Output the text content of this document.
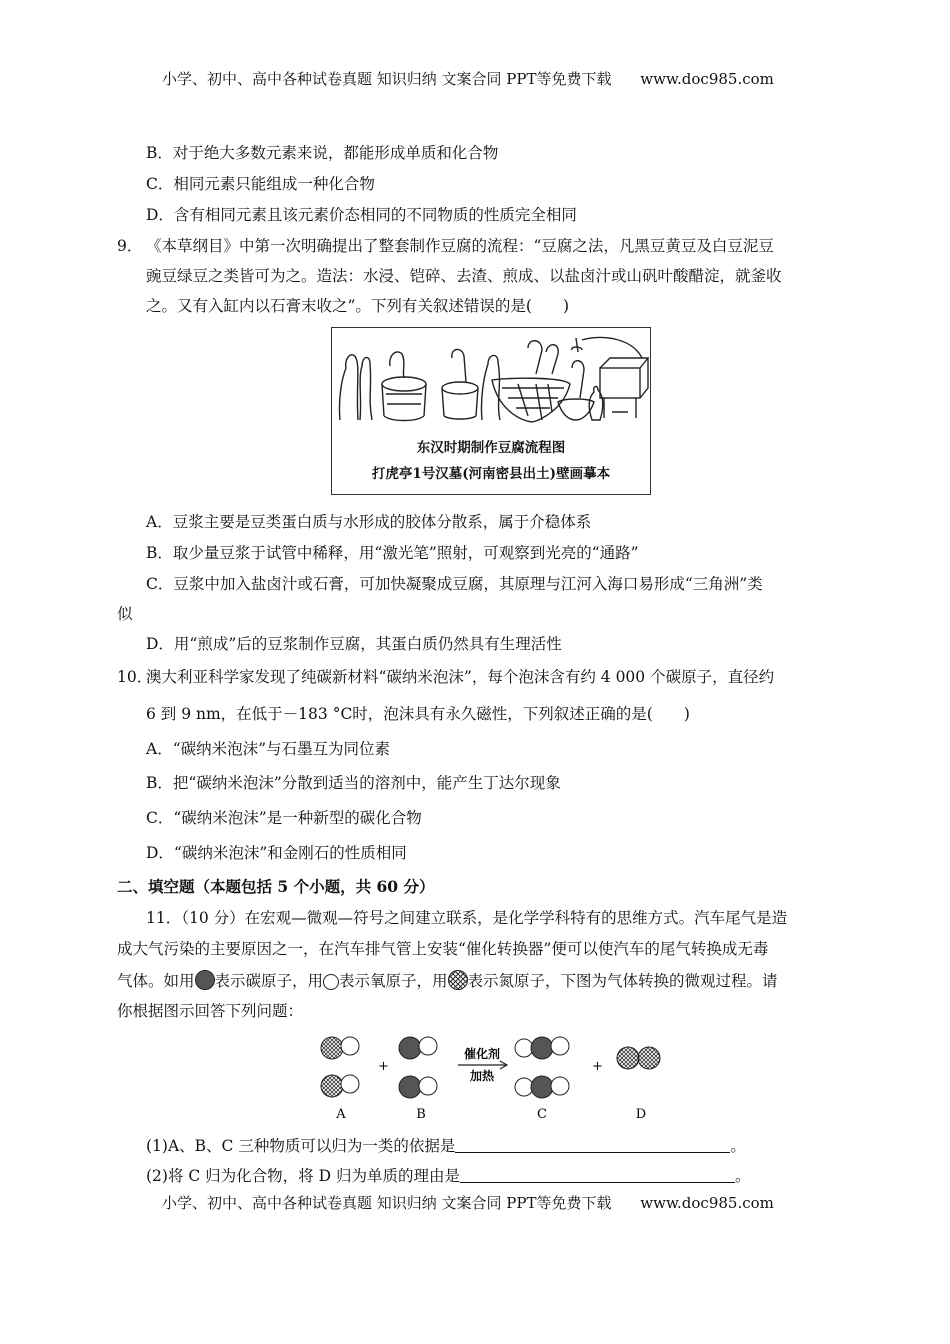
小学、初中、高中各种试卷真题 知识归纳 文案合同 PPT等免费下载 www.doc985.com
B．对于绝大多数元素来说，都能形成单质和化合物
C．相同元素只能组成一种化合物
D．含有相同元素且该元素价态相同的不同物质的性质完全相同
9． 《本草纲目》中第一次明确提出了整套制作豆腐的流程：“豆腐之法，凡黑豆黄豆及白豆泥豆
豌豆绿豆之类皆可为之。造法：水浸、铠碎、去渣、煎成、以盐卤汁或山矾叶酸醋淀，就釜收
之。又有入缸内以石膏末收之”。下列有关叙述错误的是(　　)
东汉时期制作豆腐流程图
打虎亭1号汉墓(河南密县出土)壁画摹本
A．豆浆主要是豆类蛋白质与水形成的胶体分散系，属于介稳体系
B．取少量豆浆于试管中稀释，用“激光笔”照射，可观察到光亮的“通路”
C．豆浆中加入盐卤汁或石膏，可加快凝聚成豆腐，其原理与江河入海口易形成“三角洲”类
似
D．用“煎成”后的豆浆制作豆腐，其蛋白质仍然具有生理活性
10．
澳大利亚科学家发现了纯碳新材料“碳纳米泡沫”，每个泡沫含有约 4 000 个碳原子，直径约
6 到 9 nm，在低于－183 °C时，泡沫具有永久磁性，下列叙述正确的是(　　)
A．“碳纳米泡沫”与石墨互为同位素
B．把“碳纳米泡沫”分散到适当的溶剂中，能产生丁达尔现象
C．“碳纳米泡沫”是一种新型的碳化合物
D．“碳纳米泡沫”和金刚石的性质相同
二、填空题（本题包括 5 个小题，共 60 分）
11．（10 分）在宏观—微观—符号之间建立联系，是化学学科特有的思维方式。汽车尾气是造
成大气污染的主要原因之一，在汽车排气管上安装“催化转换器”便可以使汽车的尾气转换成无毒
气体。如用 表示碳原子，用 表示氧原子，用 表示氮原子，下图为气体转换的微观过程。请
你根据图示回答下列问题：
+	+
催化剂
加热
A	B	C	D
(1)A、B、C 三种物质可以归为一类的依据是	。
(2)将 C 归为化合物，将 D 归为单质的理由是	。
小学、初中、高中各种试卷真题 知识归纳 文案合同 PPT等免费下载 www.doc985.com
